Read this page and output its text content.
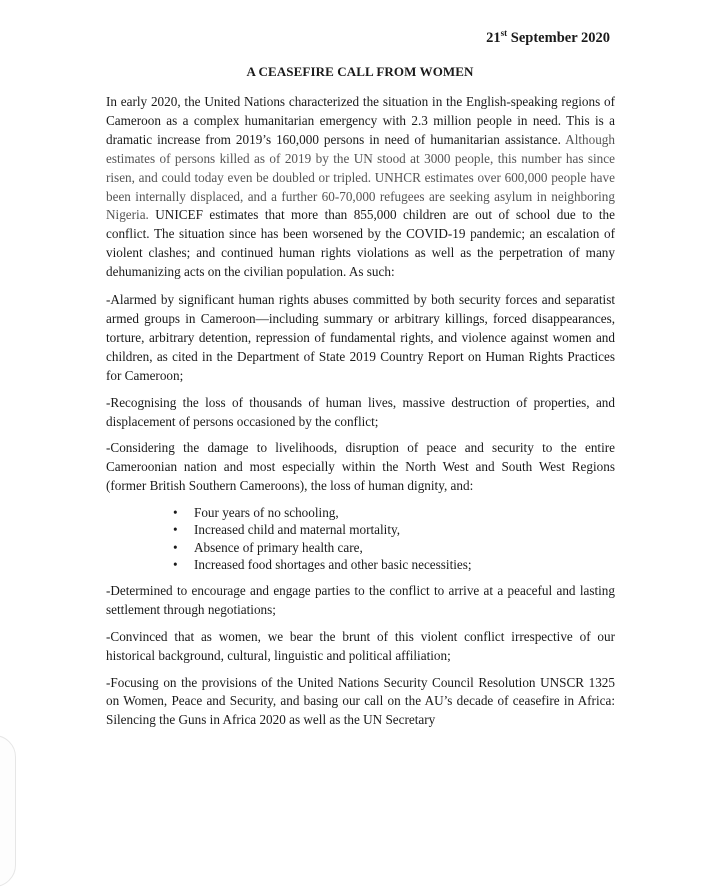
21st September 2020
A CEASEFIRE CALL FROM WOMEN

In early 2020, the United Nations characterized the situation in the English-speaking regions of Cameroon as a complex humanitarian emergency with 2.3 million people in need. This is a dramatic increase from 2019’s 160,000 persons in need of humanitarian assistance. Although estimates of persons killed as of 2019 by the UN stood at 3000 people, this number has since risen, and could today even be doubled or tripled. UNHCR estimates over 600,000 people have been internally displaced, and a further 60-70,000 refugees are seeking asylum in neighboring Nigeria. UNICEF estimates that more than 855,000 children are out of school due to the conflict. The situation since has been worsened by the COVID-19 pandemic; an escalation of violent clashes; and continued human rights violations as well as the perpetration of many dehumanizing acts on the civilian population. As such:

-Alarmed by significant human rights abuses committed by both security forces and separatist armed groups in Cameroon—including summary or arbitrary killings, forced disappearances, torture, arbitrary detention, repression of fundamental rights, and violence against women and children, as cited in the Department of State 2019 Country Report on Human Rights Practices for Cameroon;

-Recognising the loss of thousands of human lives, massive destruction of properties, and displacement of persons occasioned by the conflict;

-Considering the damage to livelihoods, disruption of peace and security to the entire Cameroonian nation and most especially within the North West and South West Regions (former British Southern Cameroons), the loss of human dignity, and:

• Four years of no schooling,
• Increased child and maternal mortality,
• Absence of primary health care,
• Increased food shortages and other basic necessities;

-Determined to encourage and engage parties to the conflict to arrive at a peaceful and lasting settlement through negotiations;

-Convinced that as women, we bear the brunt of this violent conflict irrespective of our historical background, cultural, linguistic and political affiliation;

-Focusing on the provisions of the United Nations Security Council Resolution UNSCR 1325 on Women, Peace and Security, and basing our call on the AU’s decade of ceasefire in Africa: Silencing the Guns in Africa 2020 as well as the UN Secretary
